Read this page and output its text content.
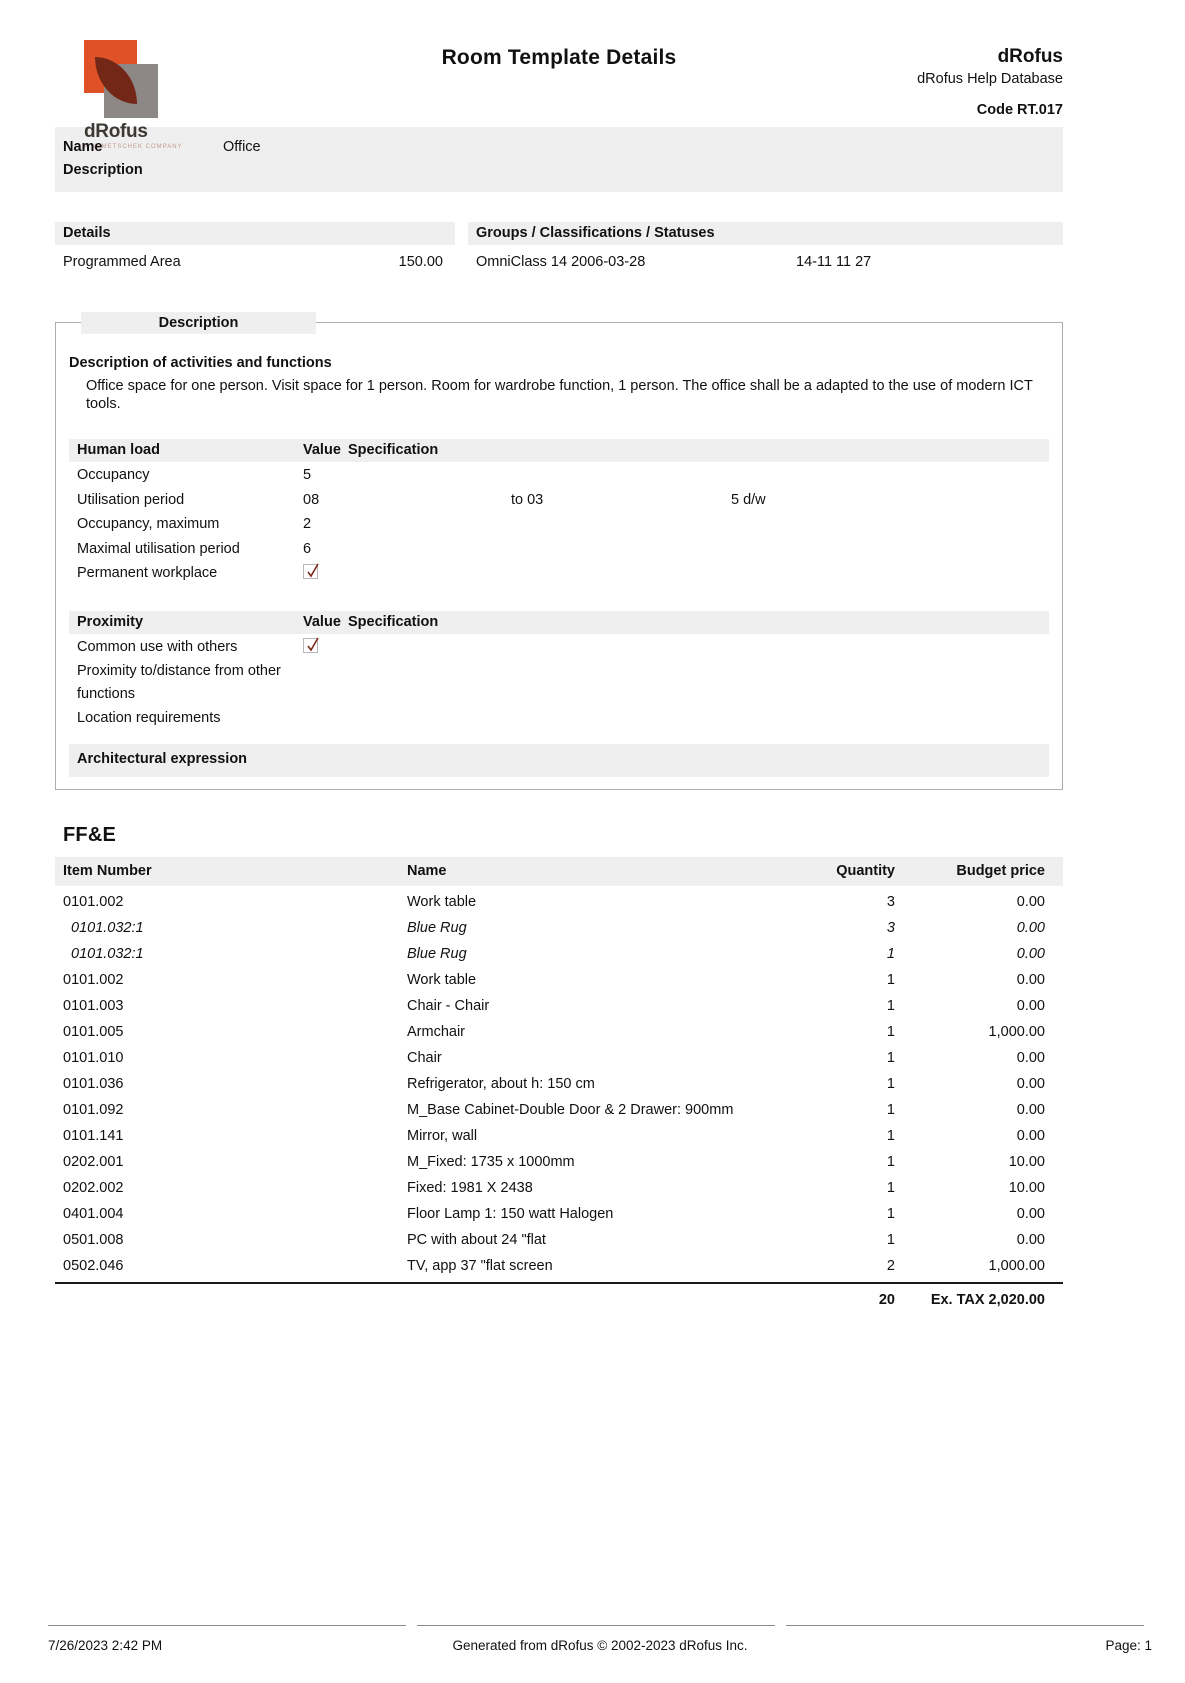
dRofus
A NEMETSCHEK COMPANY
Room Template Details	dRofus
dRofus Help Database
Code RT.017
Name	Office
Description
Details
Programmed Area	150.00
Groups / Classifications / Statuses
OmniClass 14 2006-03-28	14-11 11 27
Description
Description of activities and functions
Office space for one person. Visit space for 1 person. Room for wardrobe function, 1 person. The office shall be a adapted to the use of modern ICT tools.
Human load	Value Specification
Occupancy	5
Utilisation period	08	to 03	5 d/w
Occupancy, maximum	2
Maximal utilisation period	6
Permanent workplace
Proximity	Value Specification
Common use with others
Proximity to/distance from other functions
Location requirements
Architectural expression
FF&E
Item Number	Name	Quantity	Budget price
0101.002	Work table	3	0.00
0101.032:1	Blue Rug	3	0.00
0101.032:1	Blue Rug	1	0.00
0101.002	Work table	1	0.00
0101.003	Chair - Chair	1	0.00
0101.005	Armchair	1	1,000.00
0101.010	Chair	1	0.00
0101.036	Refrigerator, about h: 150 cm	1	0.00
0101.092	M_Base Cabinet-Double Door & 2 Drawer: 900mm	1	0.00
0101.141	Mirror, wall	1	0.00
0202.001	M_Fixed: 1735 x 1000mm	1	10.00
0202.002	Fixed: 1981 X 2438	1	10.00
0401.004	Floor Lamp 1: 150 watt Halogen	1	0.00
0501.008	PC with about 24 "flat	1	0.00
0502.046	TV, app 37 "flat screen	2	1,000.00
20	Ex. TAX 2,020.00
7/26/2023 2:42 PM	Generated from dRofus © 2002-2023 dRofus Inc.	Page: 1
